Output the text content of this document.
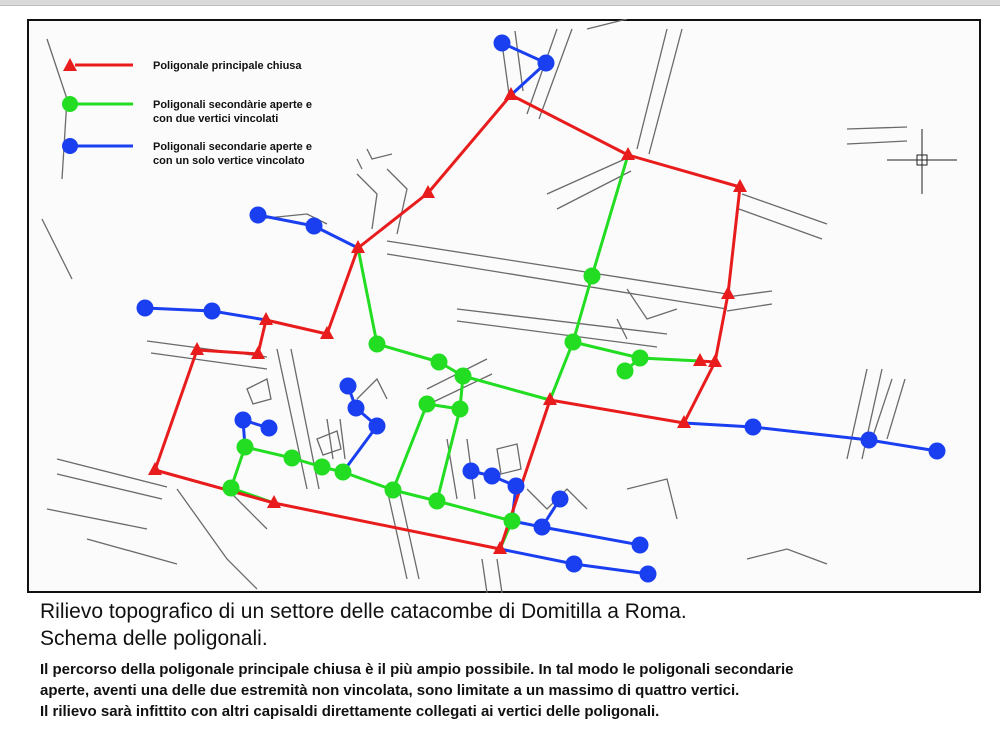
Poligonale principale chiusa
Poligonali secondàrie aperte e
con due vertici vincolati
Poligonali secondarie aperte e
con un solo vertice vincolato
Rilievo topografico di un settore delle catacombe di Domitilla a Roma.
Schema delle poligonali.
Il percorso della poligonale principale chiusa è il più ampio possibile. In tal modo le poligonali secondarie
aperte, aventi una delle due estremità non vincolata, sono limitate a un massimo di quattro vertici.
Il rilievo sarà infittito con altri capisaldi direttamente collegati ai vertici delle poligonali.
